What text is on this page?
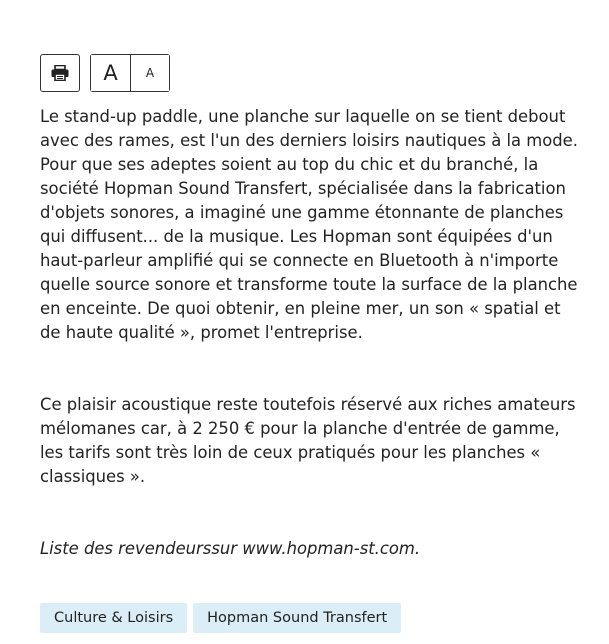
A A

Le stand-up paddle, une planche sur laquelle on se tient debout avec des rames, est l'un des derniers loisirs nautiques à la mode. Pour que ses adeptes soient au top du chic et du branché, la société Hopman Sound Transfert, spécialisée dans la fabrication d'objets sonores, a imaginé une gamme étonnante de planches qui diffusent... de la musique. Les Hopman sont équipées d'un haut-parleur amplifié qui se connecte en Bluetooth à n'importe quelle source sonore et transforme toute la surface de la planche en enceinte. De quoi obtenir, en pleine mer, un son « spatial et de haute qualité », promet l'entreprise.

Ce plaisir acoustique reste toutefois réservé aux riches amateurs mélomanes car, à 2 250 € pour la planche d'entrée de gamme, les tarifs sont très loin de ceux pratiqués pour les planches « classiques ».

Liste des revendeurssur www.hopman-st.com.

Culture & Loisirs	Hopman Sound Transfert
